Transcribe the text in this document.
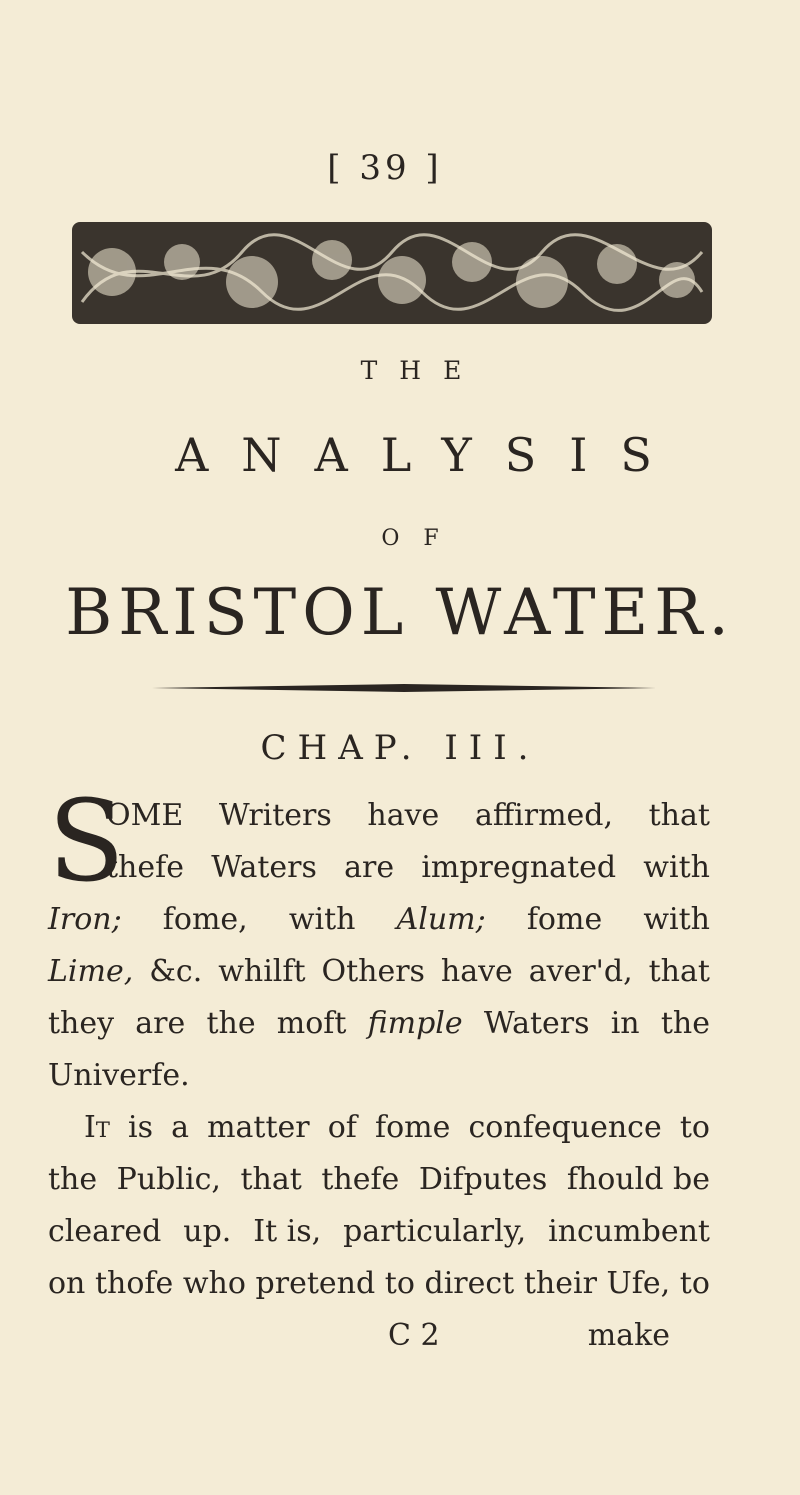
[ 39 ]
THE
ANALYSIS
OF
BRISTOL WATER.
CHAP. III.
S
OME Writers have affirmed, that
thefe Waters are impregnated with
Iron; fome, with Alum; fome with
Lime, &c. whilft Others have aver'd, that
they are the moft fimple Waters in the
Univerfe.
It is a matter of fome confequence to
the Public, that thefe Difputes fhould be
cleared up. It is, particularly, incumbent
on thofe who pretend to direct their Ufe, to
C 2	make
